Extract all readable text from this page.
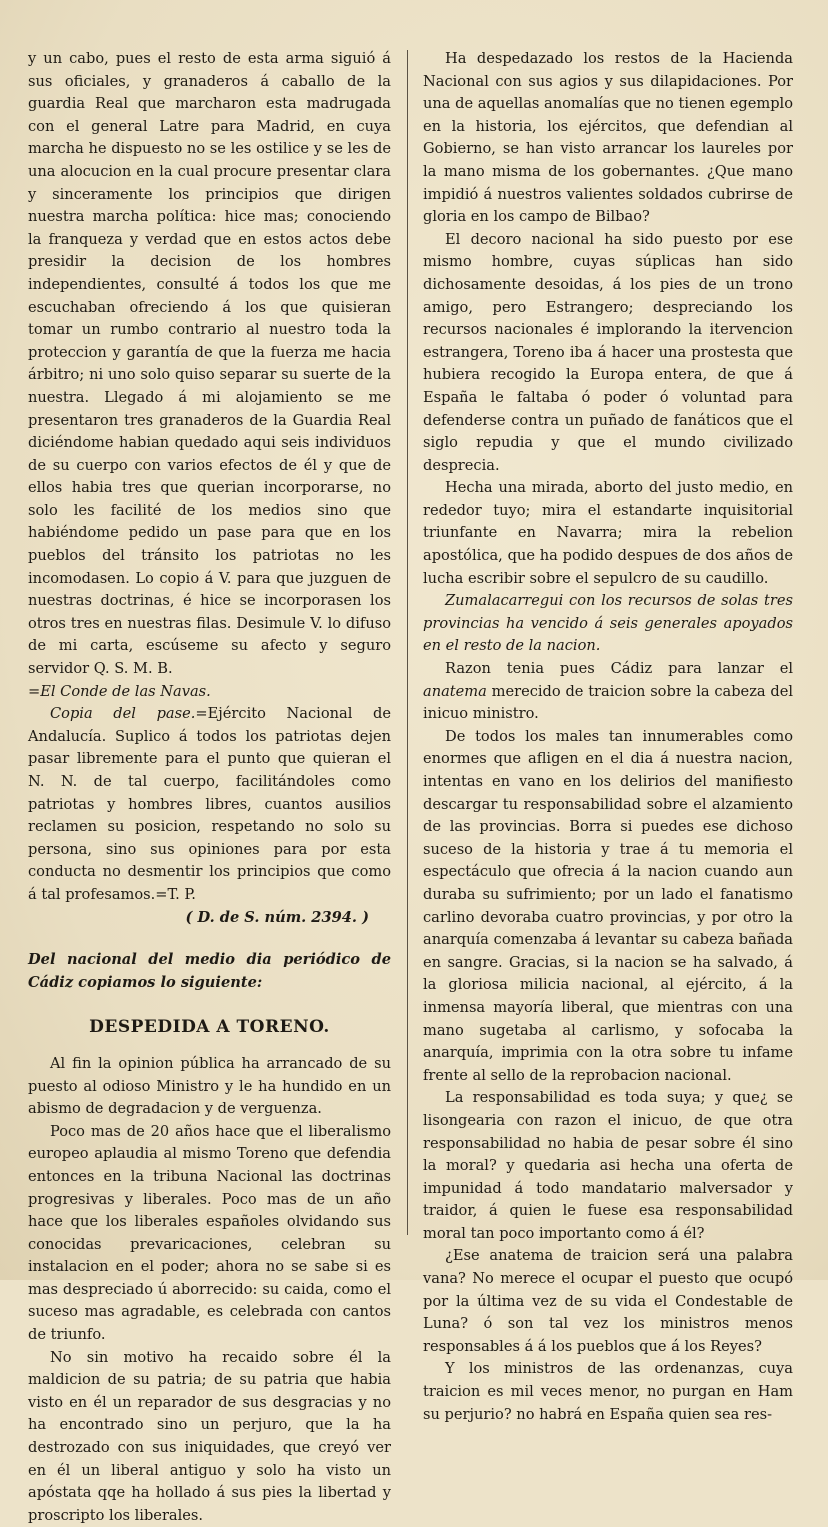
y un cabo, pues el resto de esta arma siguió á sus oficiales, y granaderos á caballo de la guardia Real que marcharon esta madrugada con el general Latre para Madrid, en cuya marcha he dispuesto no se les ostilice y se les de una alocucion en la cual procure presentar clara y sinceramente los principios que dirigen nuestra marcha política: hice mas; conociendo la franqueza y verdad que en estos actos debe presidir la decision de los hombres independientes, consulté á todos los que me escuchaban ofreciendo á los que quisieran tomar un rumbo contrario al nuestro toda la proteccion y garantía de que la fuerza me hacia árbitro; ni uno solo quiso separar su suerte de la nuestra. Llegado á mi alojamiento se me presentaron tres granaderos de la Guardia Real diciéndome habian quedado aqui seis individuos de su cuerpo con varios efectos de él y que de ellos habia tres que querian incorporarse, no solo les facilité de los medios sino que habiéndome pedido un pase para que en los pueblos del tránsito los patriotas no les incomodasen. Lo copio á V. para que juzguen de nuestras doctrinas, é hice se incorporasen los otros tres en nuestras filas. Desimule V. lo difuso de mi carta, escúseme su afecto y seguro servidor Q. S. M. B.

=El Conde de las Navas.

Copia del pase.=Ejército Nacional de Andalucía. Suplico á todos los patriotas dejen pasar libremente para el punto que quieran el N. N. de tal cuerpo, facilitándoles como patriotas y hombres libres, cuantos ausilios reclamen su posicion, respetando no solo su persona, sino sus opiniones para por esta conducta no desmentir los principios que como á tal profesamos.=T. P.

( D. de S. núm. 2394. )

Del nacional del medio dia periódico de Cádiz copiamos lo siguiente:

DESPEDIDA A TORENO.

Al fin la opinion pública ha arrancado de su puesto al odioso Ministro y le ha hundido en un abismo de degradacion y de verguenza.

Poco mas de 20 años hace que el liberalismo europeo aplaudia al mismo Toreno que defendia entonces en la tribuna Nacional las doctrinas progresivas y liberales. Poco mas de un año hace que los liberales españoles olvidando sus conocidas prevaricaciones, celebran su instalacion en el poder; ahora no se sabe si es mas despreciado ú aborrecido: su caida, como el suceso mas agradable, es celebrada con cantos de triunfo.

No sin motivo ha recaido sobre él la maldicion de su patria; de su patria que habia visto en él un reparador de sus desgracias y no ha encontrado sino un perjuro, que la ha destrozado con sus iniquidades, que creyó ver en él un liberal antiguo y solo ha visto un apóstata qqe ha hollado á sus pies la libertad y proscripto los liberales.

Ha despedazado los restos de la Hacienda Nacional con sus agios y sus dilapidaciones. Por una de aquellas anomalías que no tienen egemplo en la historia, los ejércitos, que defendian al Gobierno, se han visto arrancar los laureles por la mano misma de los gobernantes. ¿Que mano impidió á nuestros valientes soldados cubrirse de gloria en los campo de Bilbao?

El decoro nacional ha sido puesto por ese mismo hombre, cuyas súplicas han sido dichosamente desoidas, á los pies de un trono amigo, pero Estrangero; despreciando los recursos nacionales é implorando la itervencion estrangera, Toreno iba á hacer una prostesta que hubiera recogido la Europa entera, de que á España le faltaba ó poder ó voluntad para defenderse contra un puñado de fanáticos que el siglo repudia y que el mundo civilizado desprecia.

Hecha una mirada, aborto del justo medio, en rededor tuyo; mira el estandarte inquisitorial triunfante en Navarra; mira la rebelion apostólica, que ha podido despues de dos años de lucha escribir sobre el sepulcro de su caudillo.

Zumalacarregui con los recursos de solas tres provincias ha vencido á seis generales apoyados en el resto de la nacion.

Razon tenia pues Cádiz para lanzar el anatema merecido de traicion sobre la cabeza del inicuo ministro.

De todos los males tan innumerables como enormes que afligen en el dia á nuestra nacion, intentas en vano en los delirios del manifiesto descargar tu responsabilidad sobre el alzamiento de las provincias. Borra si puedes ese dichoso suceso de la historia y trae á tu memoria el espectáculo que ofrecia á la nacion cuando aun duraba su sufrimiento; por un lado el fanatismo carlino devoraba cuatro provincias, y por otro la anarquía comenzaba á levantar su cabeza bañada en sangre. Gracias, si la nacion se ha salvado, á la gloriosa milicia nacional, al ejército, á la inmensa mayoría liberal, que mientras con una mano sugetaba al carlismo, y sofocaba la anarquía, imprimia con la otra sobre tu infame frente al sello de la reprobacion nacional.

La responsabilidad es toda suya; y que¿ se lisongearia con razon el inicuo, de que otra responsabilidad no habia de pesar sobre él sino la moral? y quedaria asi hecha una oferta de impunidad á todo mandatario malversador y traidor, á quien le fuese esa responsabilidad moral tan poco importanto como á él?

¿Ese anatema de traicion será una palabra vana? No merece el ocupar el puesto que ocupó por la última vez de su vida el Condestable de Luna? ó son tal vez los ministros menos responsables á á los pueblos que á los Reyes?

Y los ministros de las ordenanzas, cuya traicion es mil veces menor, no purgan en Ham su perjurio? no habrá en España quien sea res-
